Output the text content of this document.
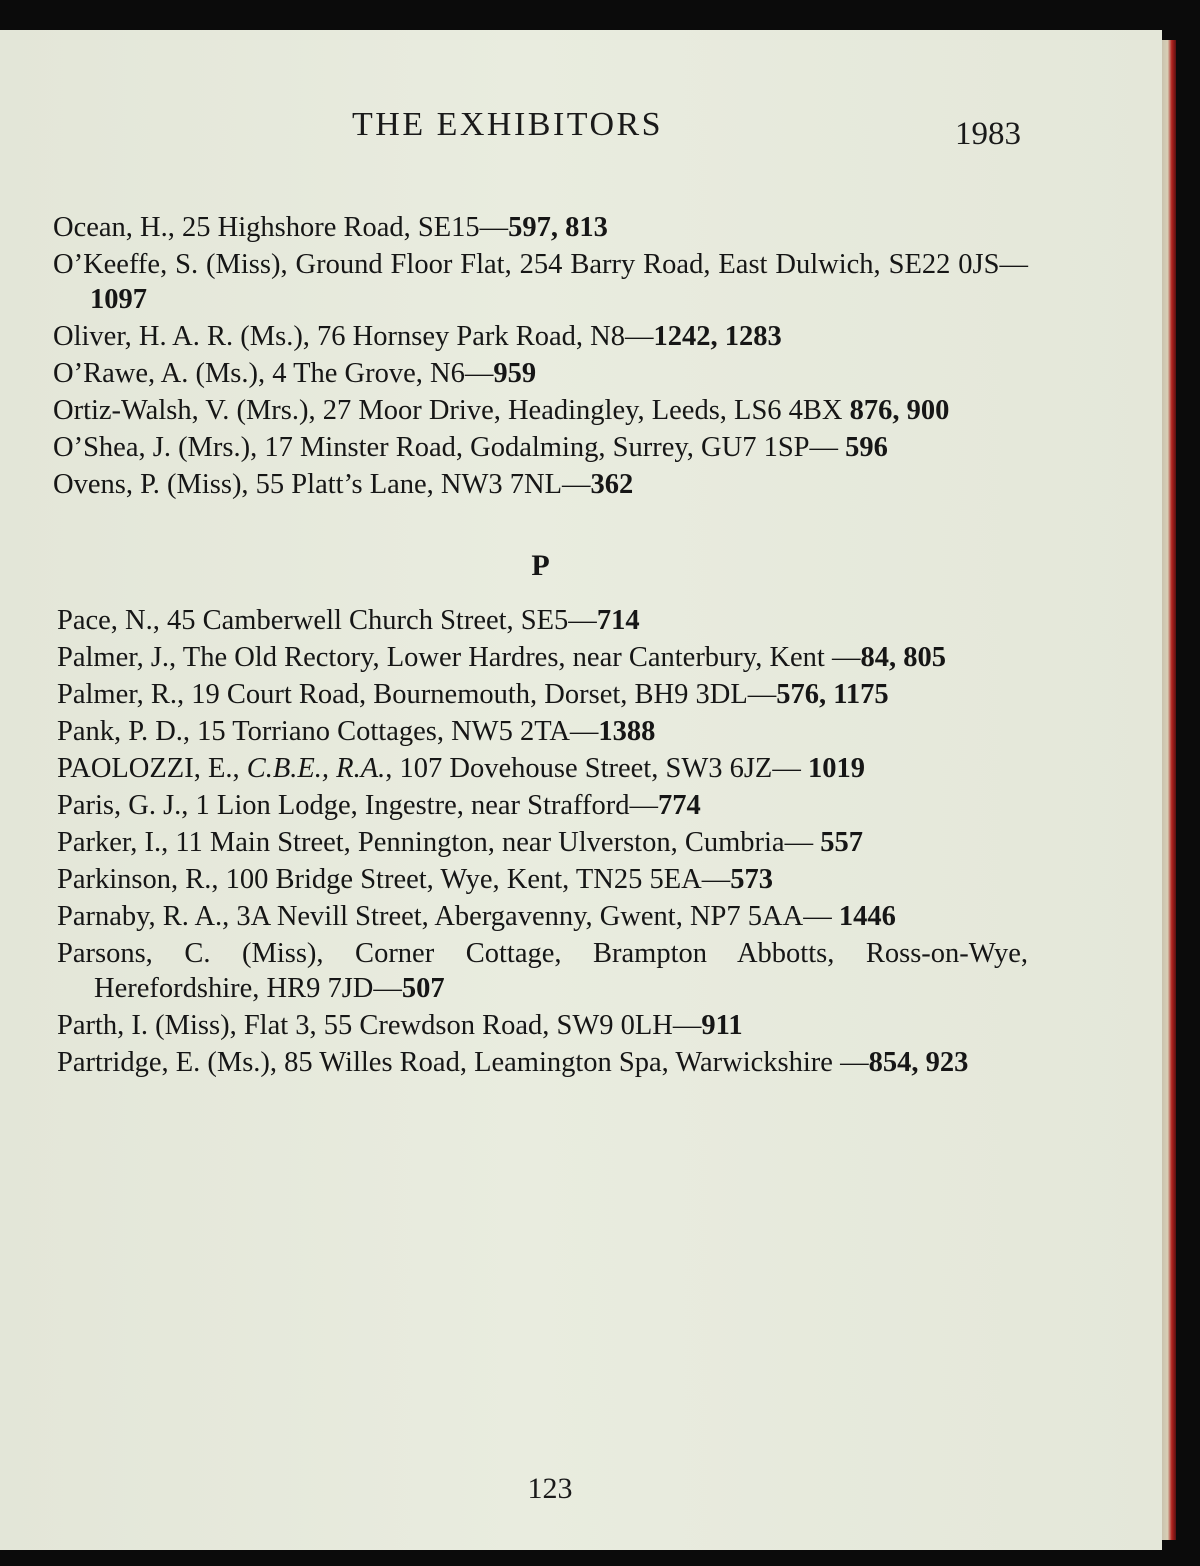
THE EXHIBITORS	1983

Ocean, H., 25 Highshore Road, SE15—597, 813

O’Keeffe, S. (Miss), Ground Floor Flat, 254 Barry Road, East Dulwich, SE22 0JS—1097

Oliver, H. A. R. (Ms.), 76 Hornsey Park Road, N8—1242, 1283

O’Rawe, A. (Ms.), 4 The Grove, N6—959

Ortiz-Walsh, V. (Mrs.), 27 Moor Drive, Headingley, Leeds, LS6 4BX 876, 900

O’Shea, J. (Mrs.), 17 Minster Road, Godalming, Surrey, GU7 1SP— 596

Ovens, P. (Miss), 55 Platt’s Lane, NW3 7NL—362

P

Pace, N., 45 Camberwell Church Street, SE5—714

Palmer, J., The Old Rectory, Lower Hardres, near Canterbury, Kent —84, 805

Palmer, R., 19 Court Road, Bournemouth, Dorset, BH9 3DL—576, 1175

Pank, P. D., 15 Torriano Cottages, NW5 2TA—1388

PAOLOZZI, E., C.B.E., R.A., 107 Dovehouse Street, SW3 6JZ— 1019

Paris, G. J., 1 Lion Lodge, Ingestre, near Strafford—774

Parker, I., 11 Main Street, Pennington, near Ulverston, Cumbria— 557

Parkinson, R., 100 Bridge Street, Wye, Kent, TN25 5EA—573

Parnaby, R. A., 3A Nevill Street, Abergavenny, Gwent, NP7 5AA— 1446

Parsons, C. (Miss), Corner Cottage, Brampton Abbotts, Ross-on-Wye, Herefordshire, HR9 7JD—507

Parth, I. (Miss), Flat 3, 55 Crewdson Road, SW9 0LH—911

Partridge, E. (Ms.), 85 Willes Road, Leamington Spa, Warwickshire —854, 923

123
